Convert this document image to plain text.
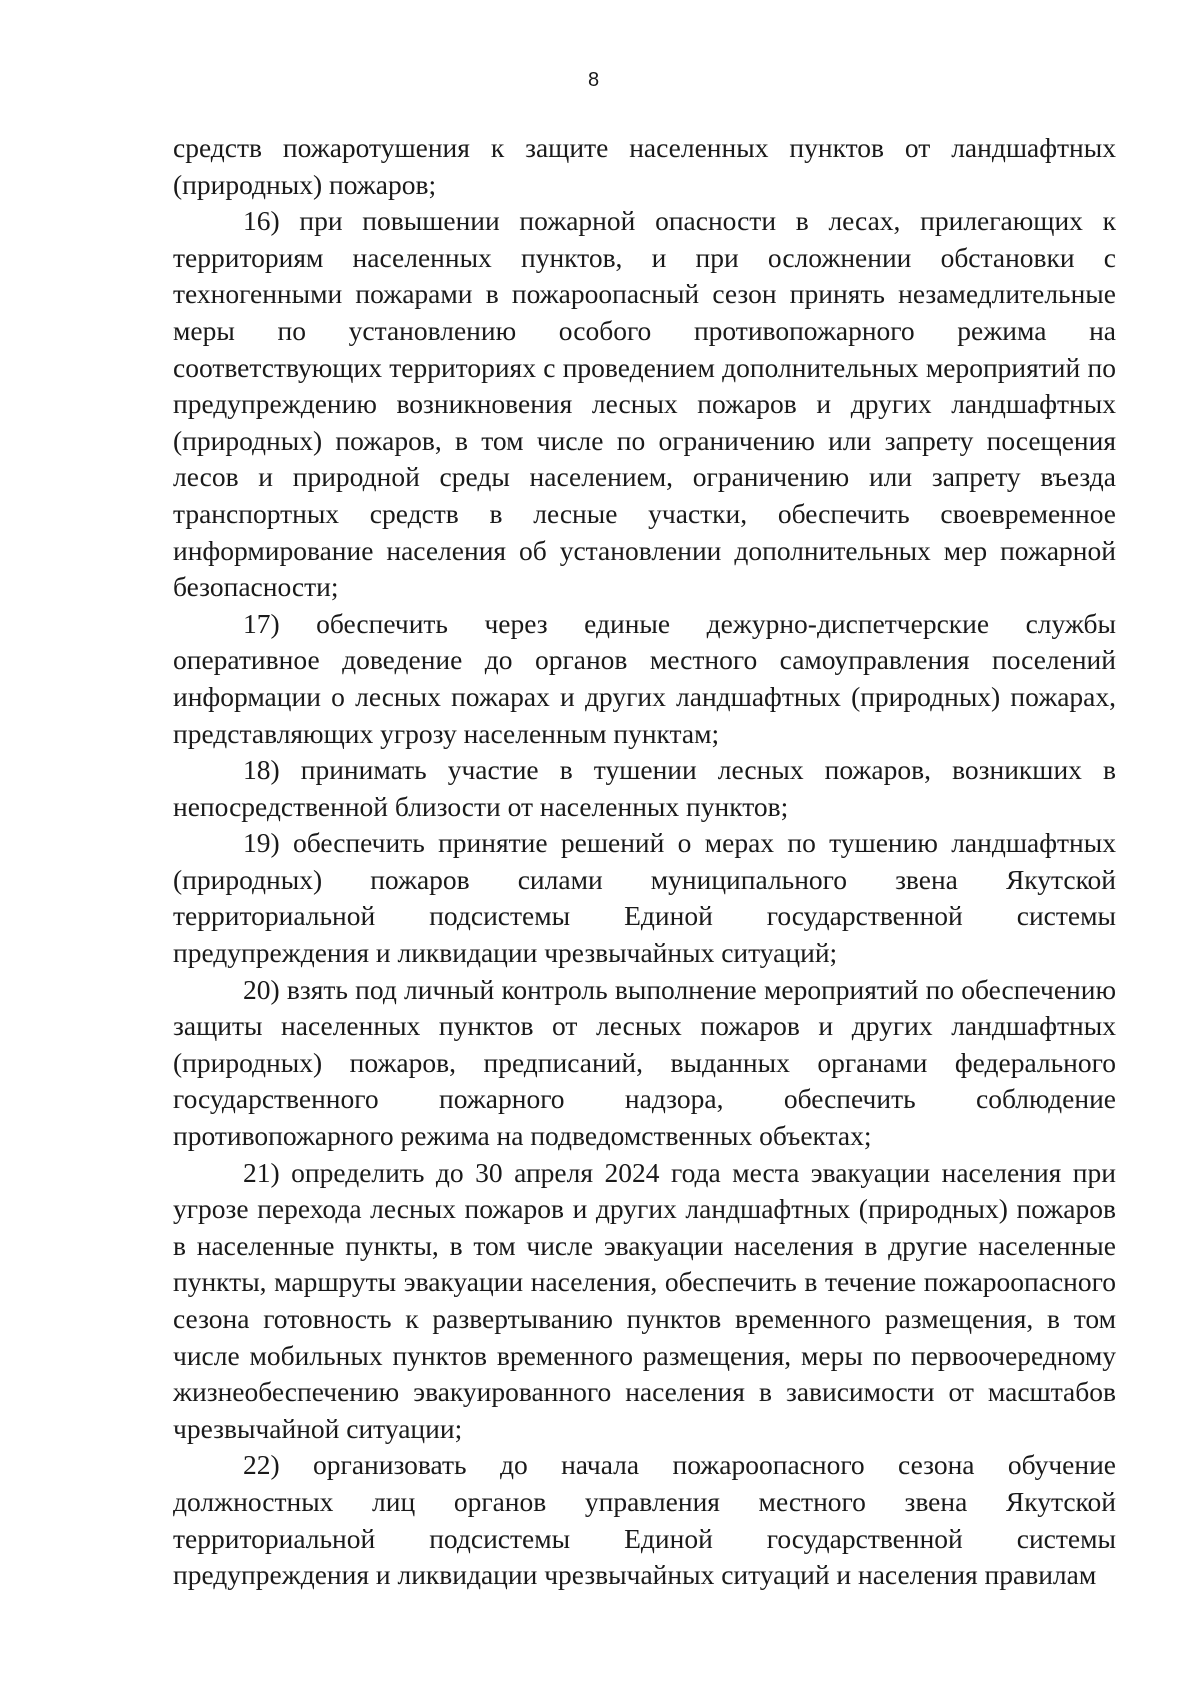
8

средств пожаротушения к защите населенных пунктов от ландшафтных (природных) пожаров;

16) при повышении пожарной опасности в лесах, прилегающих к территориям населенных пунктов, и при осложнении обстановки с техногенными пожарами в пожароопасный сезон принять незамедлительные меры по установлению особого противопожарного режима на соответствующих территориях с проведением дополнительных мероприятий по предупреждению возникновения лесных пожаров и других ландшафтных (природных) пожаров, в том числе по ограничению или запрету посещения лесов и природной среды населением, ограничению или запрету въезда транспортных средств в лесные участки, обеспечить своевременное информирование населения об установлении дополнительных мер пожарной безопасности;

17) обеспечить через единые дежурно-диспетчерские службы оперативное доведение до органов местного самоуправления поселений информации о лесных пожарах и других ландшафтных (природных) пожарах, представляющих угрозу населенным пунктам;

18) принимать участие в тушении лесных пожаров, возникших в непосредственной близости от населенных пунктов;

19) обеспечить принятие решений о мерах по тушению ландшафтных (природных) пожаров силами муниципального звена Якутской территориальной подсистемы Единой государственной системы предупреждения и ликвидации чрезвычайных ситуаций;

20) взять под личный контроль выполнение мероприятий по обеспечению защиты населенных пунктов от лесных пожаров и других ландшафтных (природных) пожаров, предписаний, выданных органами федерального государственного пожарного надзора, обеспечить соблюдение противопожарного режима на подведомственных объектах;

21) определить до 30 апреля 2024 года места эвакуации населения при угрозе перехода лесных пожаров и других ландшафтных (природных) пожаров в населенные пункты, в том числе эвакуации населения в другие населенные пункты, маршруты эвакуации населения, обеспечить в течение пожароопасного сезона готовность к развертыванию пунктов временного размещения, в том числе мобильных пунктов временного размещения, меры по первоочередному жизнеобеспечению эвакуированного населения в зависимости от масштабов чрезвычайной ситуации;

22) организовать до начала пожароопасного сезона обучение должностных лиц органов управления местного звена Якутской территориальной подсистемы Единой государственной системы предупреждения и ликвидации чрезвычайных ситуаций и населения правилам
